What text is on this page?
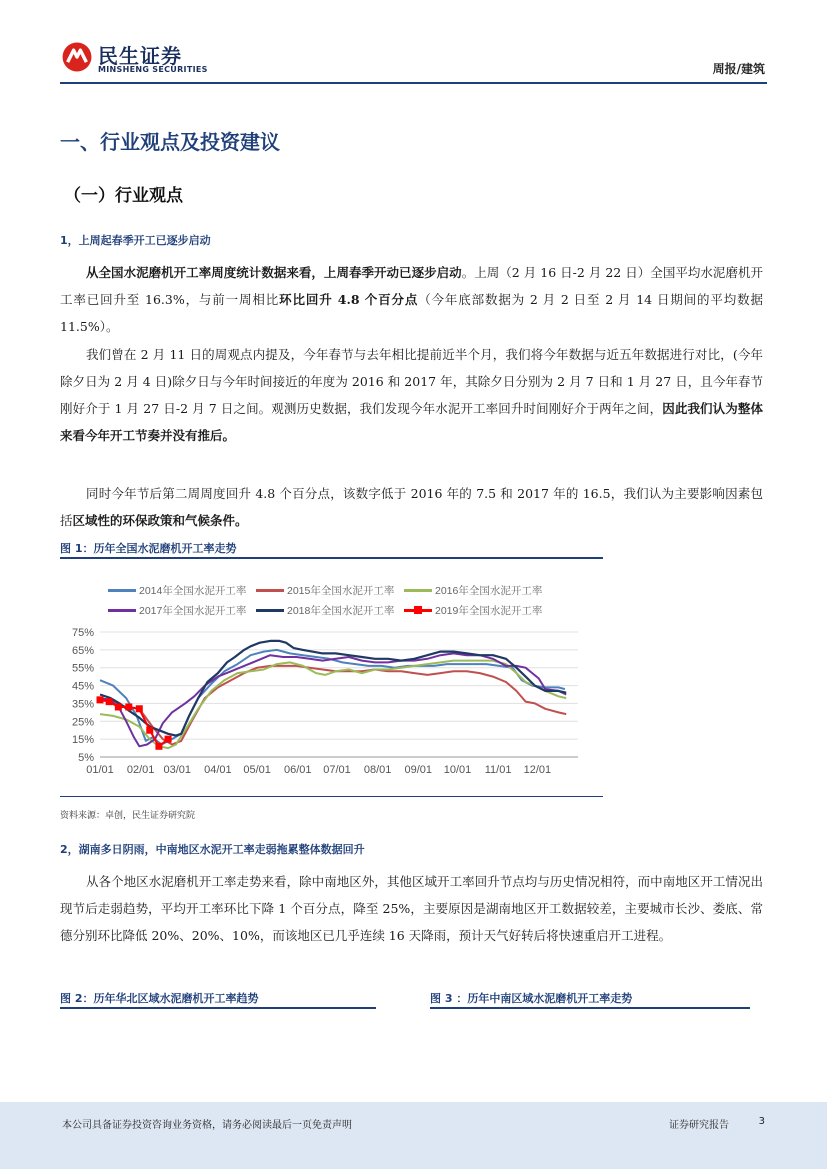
民生证券
MINSHENG SECURITIES	周报/建筑
一、行业观点及投资建议
（一）行业观点
1，上周起春季开工已逐步启动
从全国水泥磨机开工率周度统计数据来看，上周春季开动已逐步启动。上周（2 月 16 日-2 月 22 日）全国平均水泥磨机开工率已回升至 16.3%，与前一周相比环比回升 4.8 个百分点（今年底部数据为 2 月 2 日至 2 月 14 日期间的平均数据 11.5%）。
我们曾在 2 月 11 日的周观点内提及，今年春节与去年相比提前近半个月，我们将今年数据与近五年数据进行对比，(今年除夕日为 2 月 4 日)除夕日与今年时间接近的年度为 2016 和 2017 年，其除夕日分别为 2 月 7 日和 1 月 27 日，且今年春节刚好介于 1 月 27 日-2 月 7 日之间。观测历史数据，我们发现今年水泥开工率回升时间刚好介于两年之间，因此我们认为整体来看今年开工节奏并没有推后。
同时今年节后第二周周度回升 4.8 个百分点，该数字低于 2016 年的 7.5 和 2017 年的 16.5，我们认为主要影响因素包括区域性的环保政策和气候条件。
图 1：历年全国水泥磨机开工率走势
2014年全国水泥开工率	2015年全国水泥开工率	2016年全国水泥开工率
2017年全国水泥开工率	2018年全国水泥开工率	2019年全国水泥开工率
75%
65%
55%
45%
35%
25%
15%
5%
01/01 02/01 03/01 04/01 05/01 06/01 07/01 08/01 09/01 10/01 11/01 12/01
资料来源：卓创，民生证券研究院
2，湖南多日阴雨，中南地区水泥开工率走弱拖累整体数据回升
从各个地区水泥磨机开工率走势来看，除中南地区外，其他区域开工率回升节点均与历史情况相符，而中南地区开工情况出现节后走弱趋势，平均开工率环比下降 1 个百分点，降至 25%，主要原因是湖南地区开工数据较差，主要城市长沙、娄底、常德分别环比降低 20%、20%、10%，而该地区已几乎连续 16 天降雨，预计天气好转后将快速重启开工进程。
图 2：历年华北区域水泥磨机开工率趋势	图 3 ：历年中南区域水泥磨机开工率走势
本公司具备证券投资咨询业务资格，请务必阅读最后一页免责声明	证券研究报告	3
